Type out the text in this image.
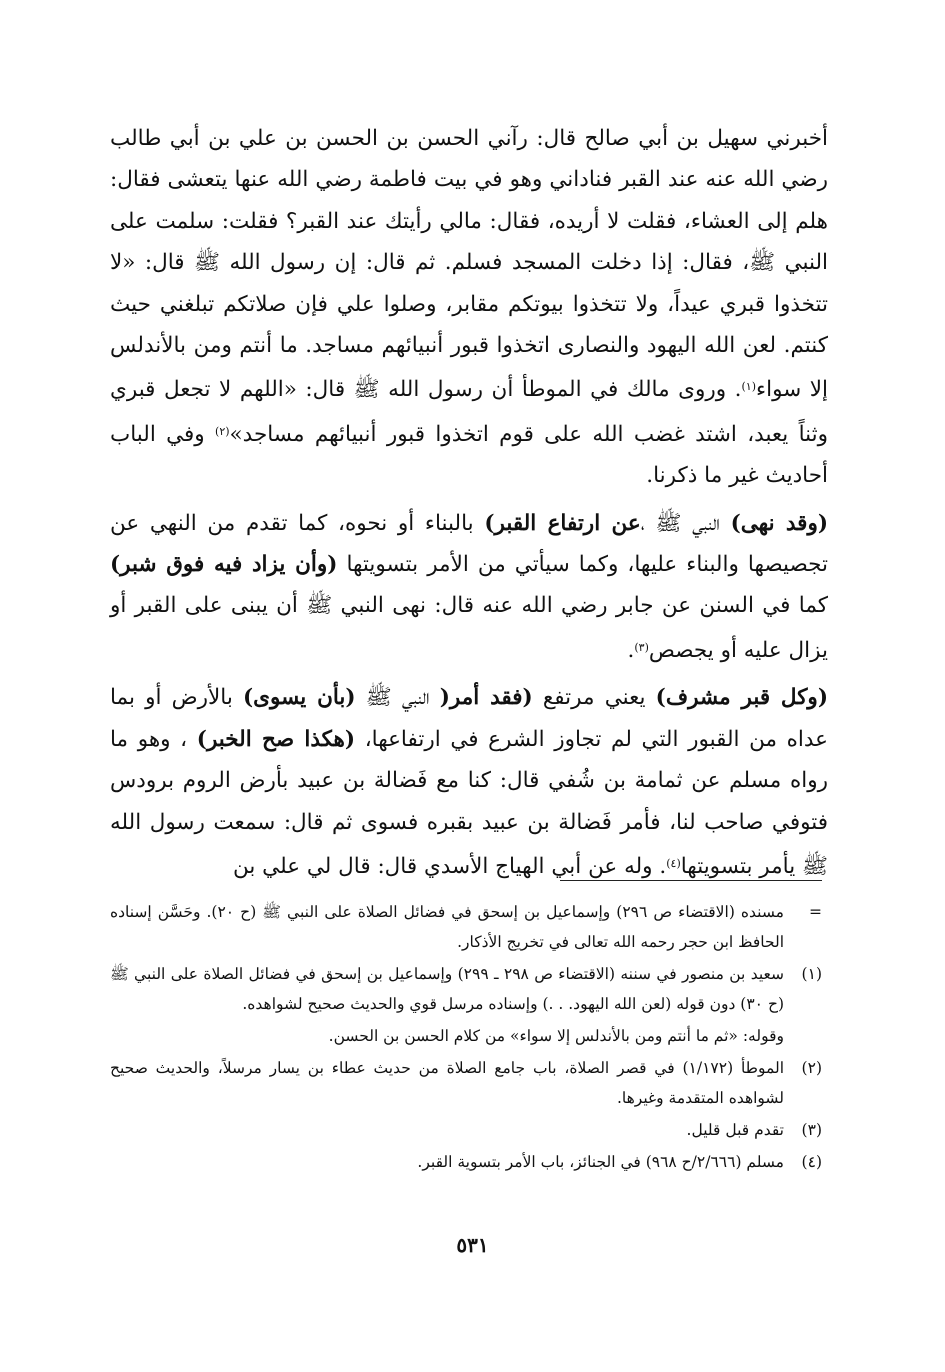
أخبرني سهيل بن أبي صالح قال: رآني الحسن بن الحسن بن علي بن أبي طالب رضي الله عنه عند القبر فناداني وهو في بيت فاطمة رضي الله عنها يتعشى فقال: هلم إلى العشاء، فقلت لا أريده، فقال: مالي رأيتك عند القبر؟ فقلت: سلمت على النبي ﷺ، فقال: إذا دخلت المسجد فسلم. ثم قال: إن رسول الله ﷺ قال: «لا تتخذوا قبري عيداً، ولا تتخذوا بيوتكم مقابر، وصلوا علي فإن صلاتكم تبلغني حيث كنتم. لعن الله اليهود والنصارى اتخذوا قبور أنبيائهم مساجد. ما أنتم ومن بالأندلس إلا سواء$^{(١)}$. وروى مالك في الموطأ أن رسول الله ﷺ قال: «اللهم لا تجعل قبري وثناً يعبد، اشتد غضب الله على قوم اتخذوا قبور أنبيائهم مساجد»$^{(٢)}$ وفي الباب أحاديث غير ما ذكرنا.

(وقد نهى) النبي ﷺ ،عن ارتفاع القبر) بالبناء أو نحوه، كما تقدم من النهي عن تجصيصها والبناء عليها، وكما سيأتي من الأمر بتسويتها (وأن يزاد فيه فوق شبر) كما في السنن عن جابر رضي الله عنه قال: نهى النبي ﷺ أن يبنى على القبر أو يزال عليه أو يجصص$^{(٣)}$.

(وكل قبر مشرف) يعني مرتفع (فقد أمر( النبي ﷺ (بأن يسوى) بالأرض أو بما عداه من القبور التي لم تجاوز الشرع في ارتفاعها، (هكذا صح الخبر) ، وهو ما رواه مسلم عن ثمامة بن شُفي قال: كنا مع فَضالة بن عبيد بأرض الروم برودس فتوفي صاحب لنا، فأمر فَضالة بن عبيد بقبره فسوى ثم قال: سمعت رسول الله ﷺ يأمر بتسويتها$^{(٤)}$. وله عن أبي الهياج الأسدي قال: قال لي علي بن

=
مسنده (الاقتضاء ص ٢٩٦) وإسماعيل بن إسحق في فضائل الصلاة على النبي ﷺ (ح ٢٠). وحَسَّن إسناده الحافظ ابن حجر رحمه الله تعالى في تخريج الأذكار.
(١)
سعيد بن منصور في سننه (الاقتضاء ص ٢٩٨ ـ ٢٩٩) وإسماعيل بن إسحق في فضائل الصلاة على النبي ﷺ (ح ٣٠) دون قوله (لعن الله اليهود. . .) وإسناده مرسل قوي والحديث صحيح لشواهده.
وقوله: «ثم ما أنتم ومن بالأندلس إلا سواء» من كلام الحسن بن الحسن.
(٢)
الموطأ (١/١٧٢) في قصر الصلاة، باب جامع الصلاة من حديث عطاء بن يسار مرسلاً، والحديث صحيح لشواهده المتقدمة وغيرها.
(٣)
تقدم قبل قليل.
(٤)
مسلم (٢/٦٦٦/ح ٩٦٨) في الجنائز، باب الأمر بتسوية القبر.
٥٣١
